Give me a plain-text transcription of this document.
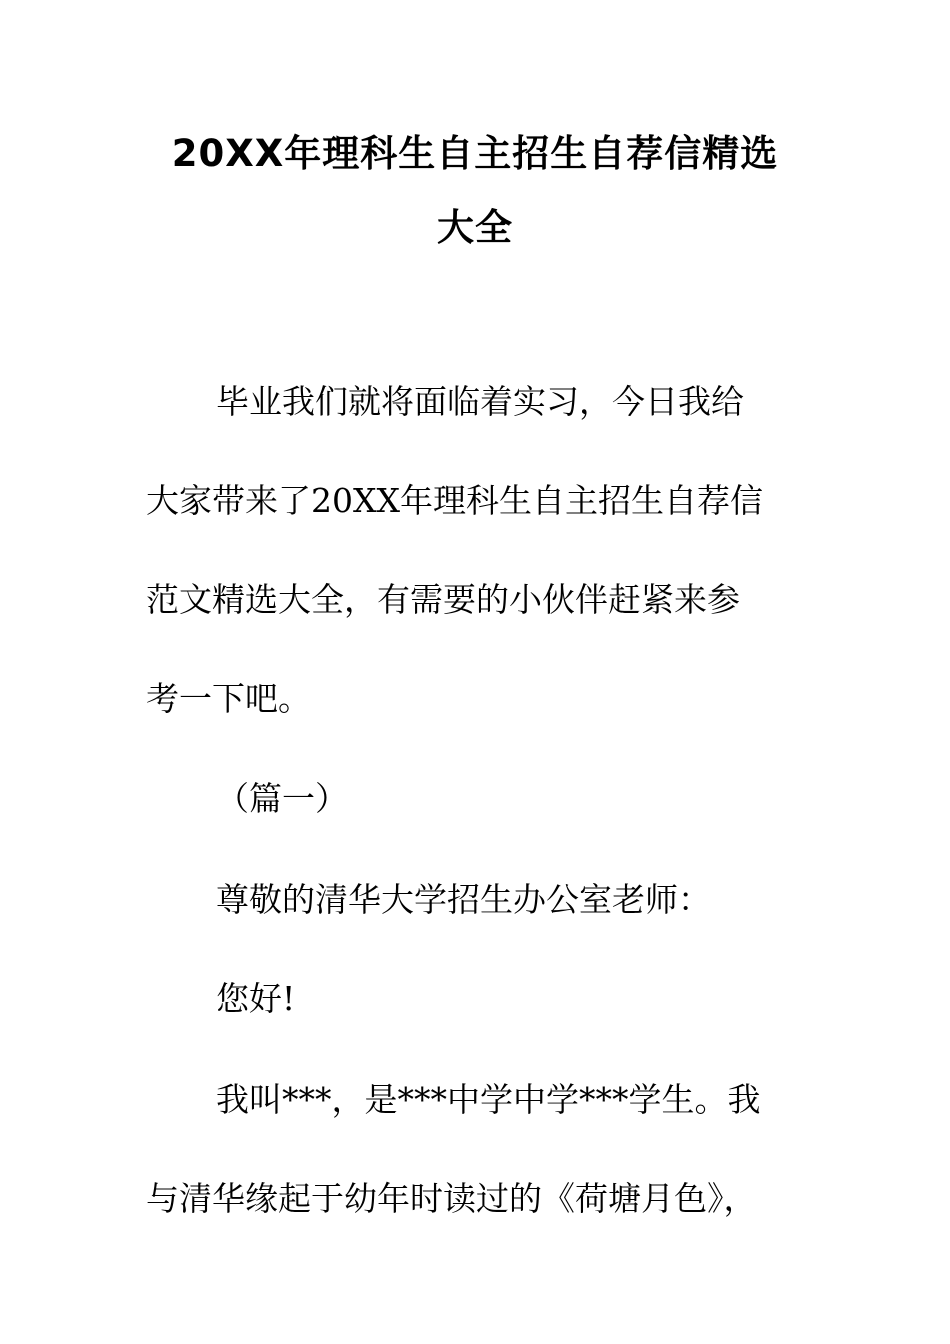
20XX年理科生自主招生自荐信精选
大全
毕业我们就将面临着实习，今日我给
大家带来了20XX年理科生自主招生自荐信
范文精选大全，有需要的小伙伴赶紧来参
考一下吧。
（篇一）
尊敬的清华大学招生办公室老师：
您好!
我叫***，是***中学中学***学生。我
与清华缘起于幼年时读过的《荷塘月色》，
